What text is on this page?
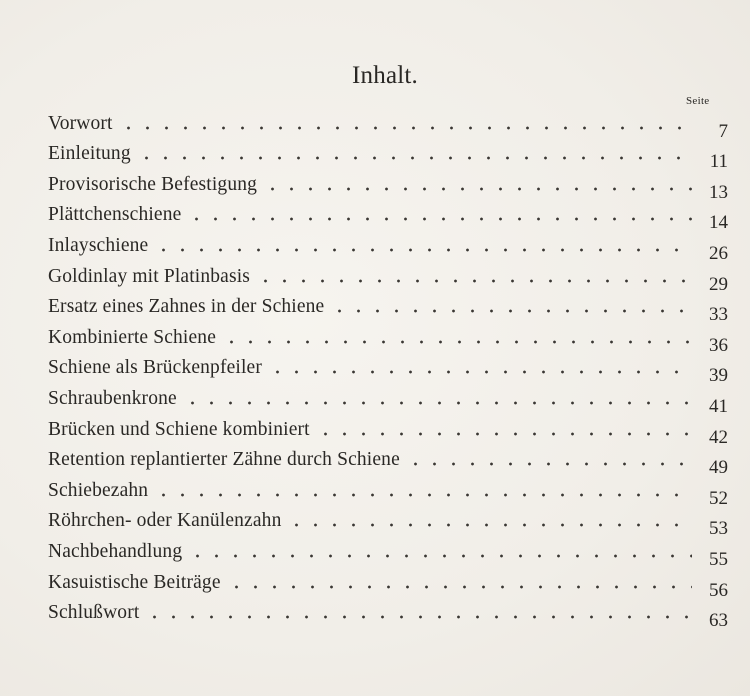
Inhalt.
Seite
Vorwort	7
Einleitung	11
Provisorische Befestigung	13
Plättchenschiene	14
Inlayschiene	26
Goldinlay mit Platinbasis	29
Ersatz eines Zahnes in der Schiene	33
Kombinierte Schiene	36
Schiene als Brückenpfeiler	39
Schraubenkrone	41
Brücken und Schiene kombiniert	42
Retention replantierter Zähne durch Schiene	49
Schiebezahn	52
Röhrchen- oder Kanülenzahn	53
Nachbehandlung	55
Kasuistische Beiträge	56
Schlußwort	63
